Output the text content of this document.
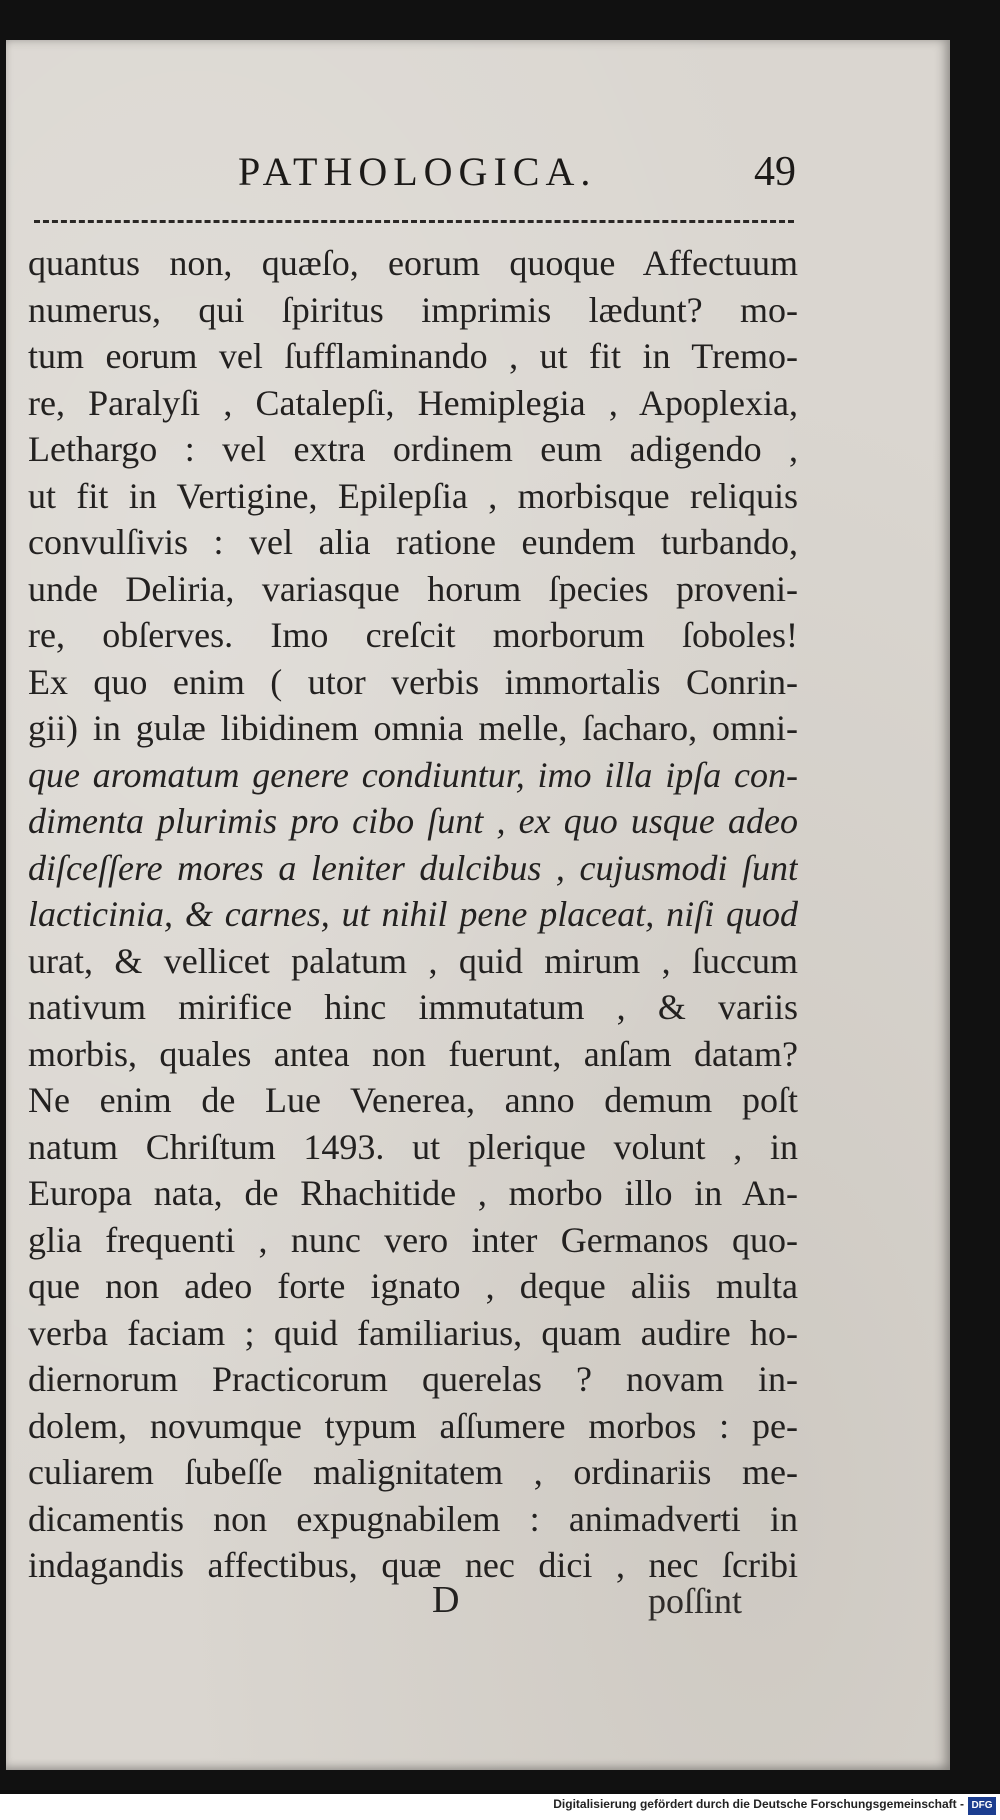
PATHOLOGICA.	49
quantus non, quæſo, eorum quoque Affectuum
numerus, qui ſpiritus imprimis lædunt? mo-
tum eorum vel ſufflaminando , ut fit in Tremo-
re, Paralyſi , Catalepſi, Hemiplegia , Apoplexia,
Lethargo : vel extra ordinem eum adigendo ,
ut fit in Vertigine, Epilepſia , morbisque reliquis
convulſivis : vel alia ratione eundem turbando,
unde Deliria, variasque horum ſpecies proveni-
re, obſerves. Imo creſcit morborum ſoboles!
Ex quo enim ( utor verbis immortalis Conrin-
gii) in gulæ libidinem omnia melle, ſacharo, omni-
que aromatum genere condiuntur, imo illa ipſa con-
dimenta plurimis pro cibo ſunt , ex quo usque adeo
diſceſſere mores a leniter dulcibus , cujusmodi ſunt
lacticinia, & carnes, ut nihil pene placeat, niſi quod
urat, & vellicet palatum , quid mirum , ſuccum
nativum mirifice hinc immutatum , & variis
morbis, quales antea non fuerunt, anſam datam?
Ne enim de Lue Venerea, anno demum poſt
natum Chriſtum 1493. ut plerique volunt , in
Europa nata, de Rhachitide , morbo illo in An-
glia frequenti , nunc vero inter Germanos quo-
que non adeo forte ignato , deque aliis multa
verba faciam ; quid familiarius, quam audire ho-
diernorum Practicorum querelas ? novam in-
dolem, novumque typum aſſumere morbos : pe-
culiarem ſubeſſe malignitatem , ordinariis me-
dicamentis non expugnabilem : animadverti in
indagandis affectibus, quæ nec dici , nec ſcribi
D	poſſint
Digitalisierung gefördert durch die Deutsche Forschungsgemeinschaft - DFG
